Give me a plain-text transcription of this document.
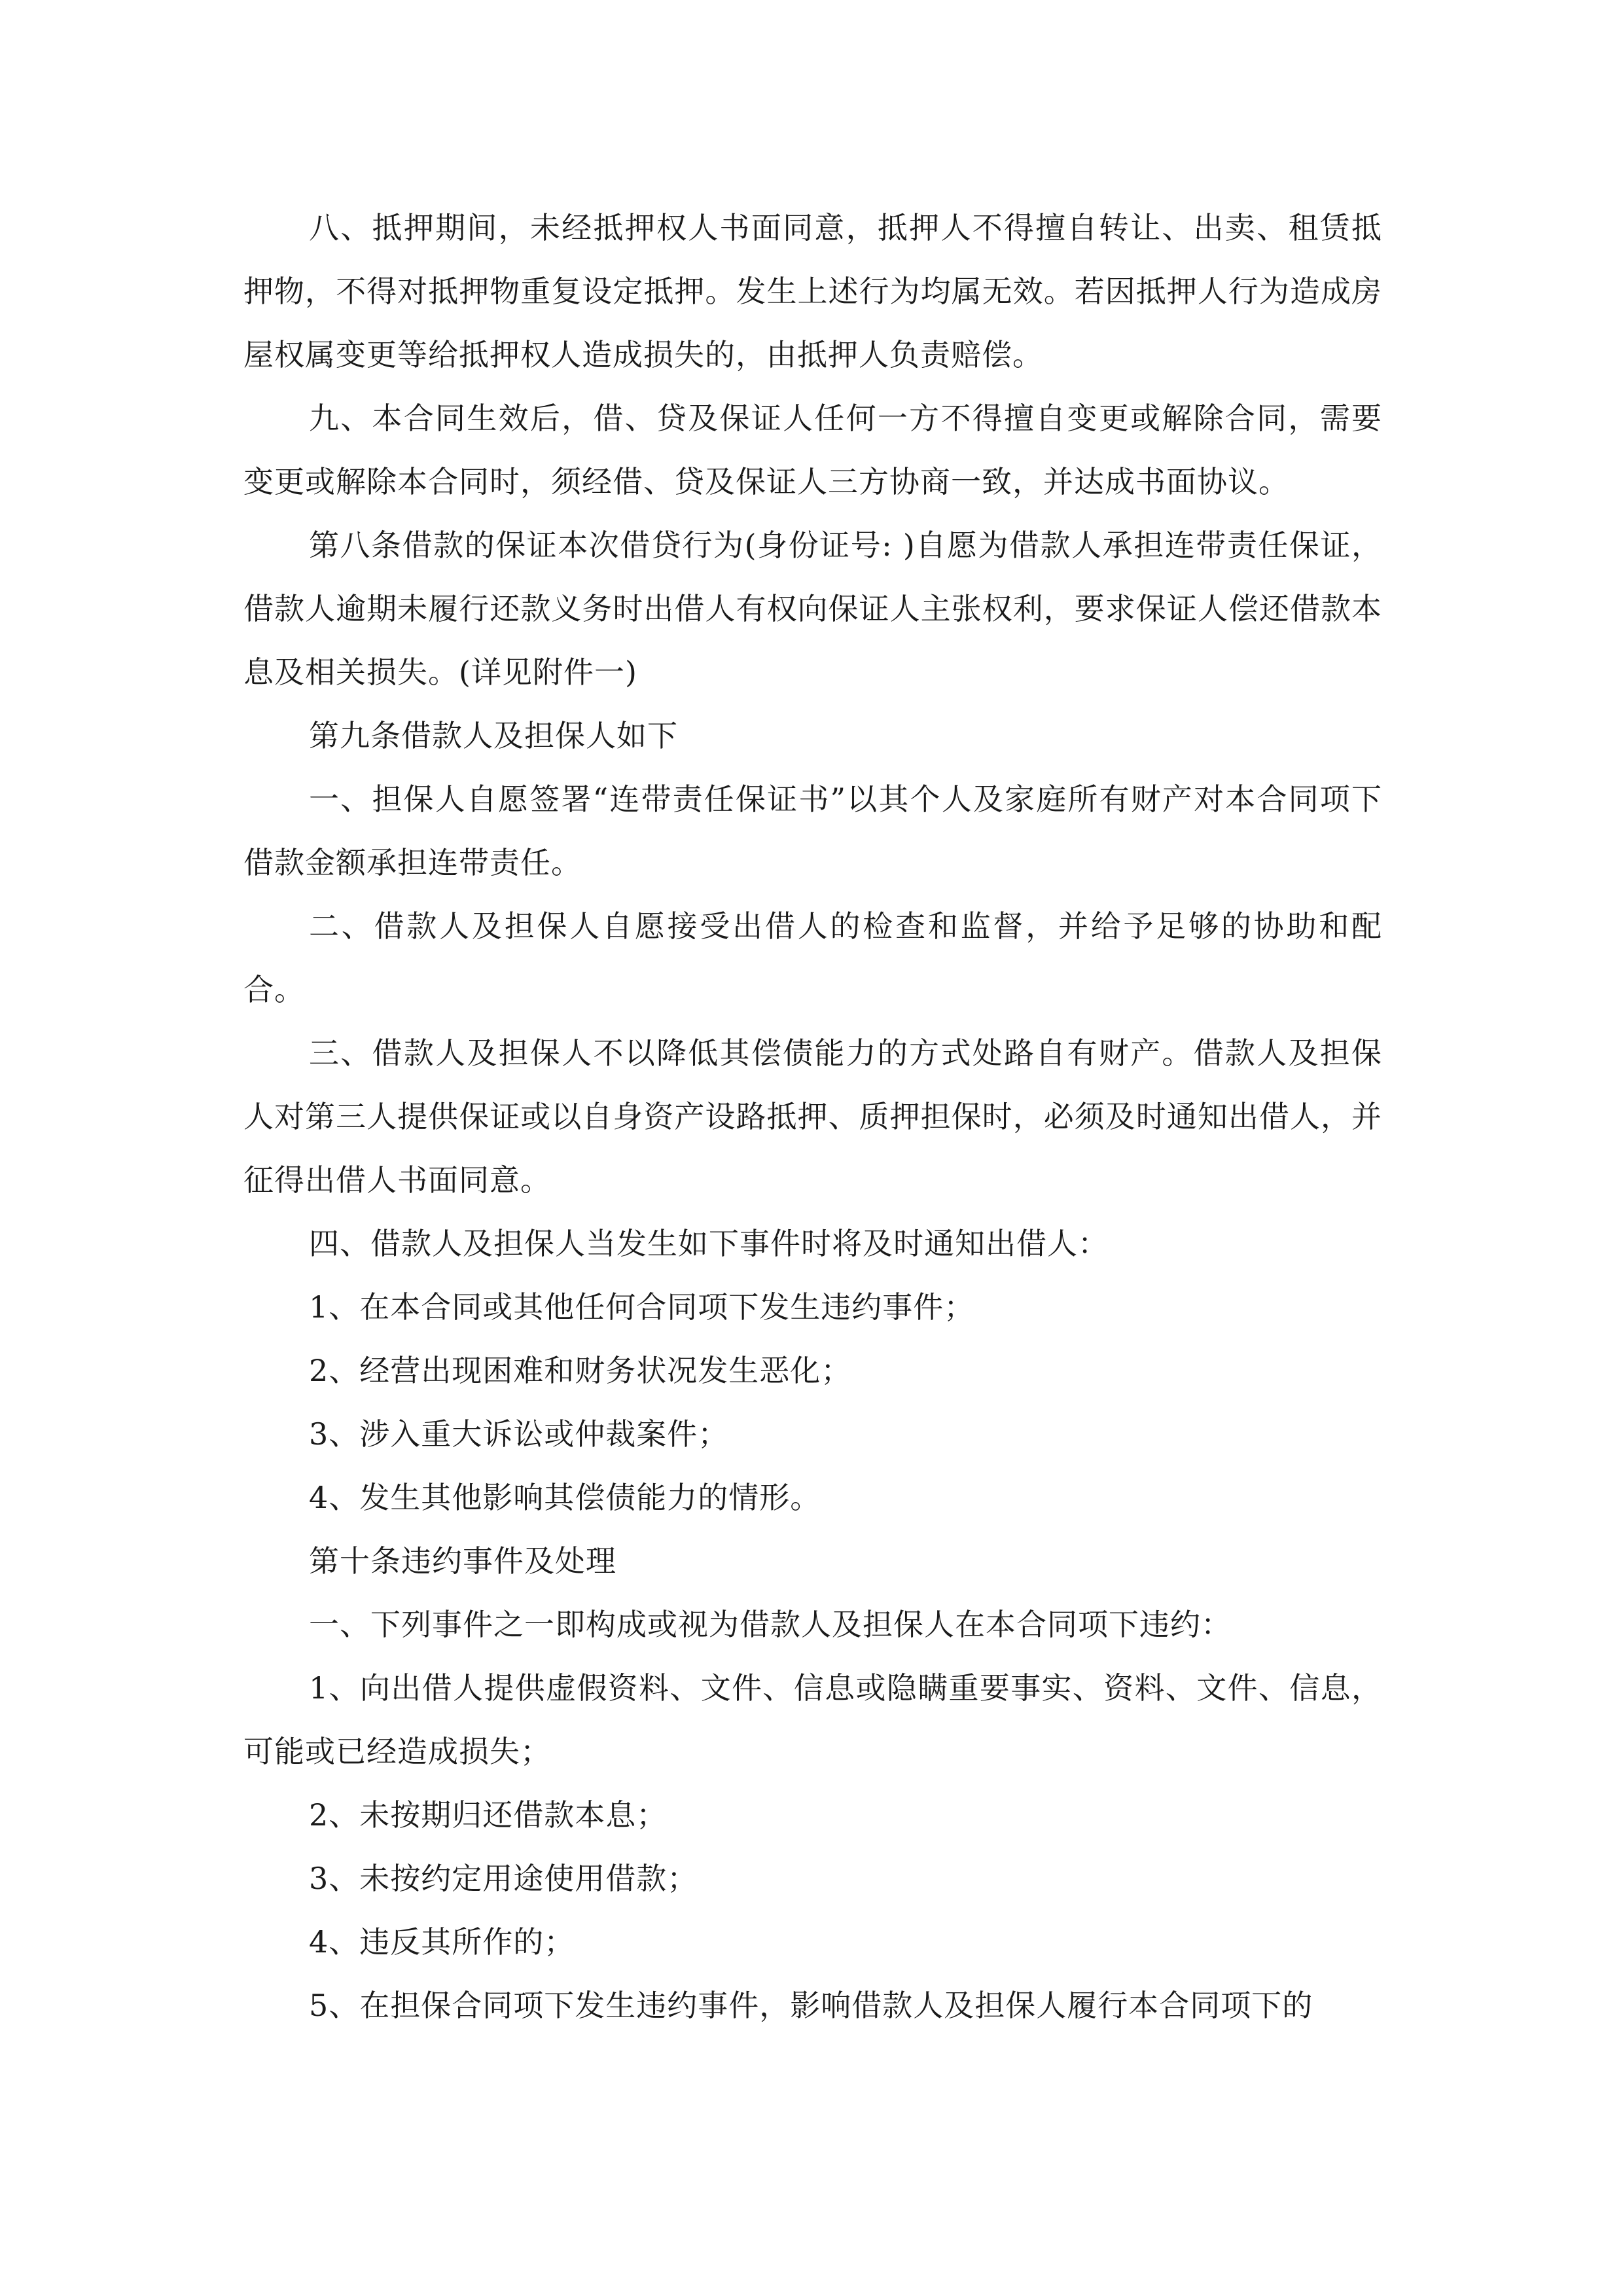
八、抵押期间，未经抵押权人书面同意，抵押人不得擅自转让、出卖、租赁抵押物，不得对抵押物重复设定抵押。发生上述行为均属无效。若因抵押人行为造成房屋权属变更等给抵押权人造成损失的，由抵押人负责赔偿。

九、本合同生效后，借、贷及保证人任何一方不得擅自变更或解除合同，需要变更或解除本合同时，须经借、贷及保证人三方协商一致，并达成书面协议。

第八条借款的保证本次借贷行为(身份证号: )自愿为借款人承担连带责任保证，借款人逾期未履行还款义务时出借人有权向保证人主张权利，要求保证人偿还借款本息及相关损失。(详见附件一)

第九条借款人及担保人如下

一、担保人自愿签署“连带责任保证书”以其个人及家庭所有财产对本合同项下借款金额承担连带责任。

二、借款人及担保人自愿接受出借人的检查和监督，并给予足够的协助和配合。

三、借款人及担保人不以降低其偿债能力的方式处路自有财产。借款人及担保人对第三人提供保证或以自身资产设路抵押、质押担保时，必须及时通知出借人，并征得出借人书面同意。

四、借款人及担保人当发生如下事件时将及时通知出借人：

1、在本合同或其他任何合同项下发生违约事件；

2、经营出现困难和财务状况发生恶化；

3、涉入重大诉讼或仲裁案件；

4、发生其他影响其偿债能力的情形。

第十条违约事件及处理

一、下列事件之一即构成或视为借款人及担保人在本合同项下违约：

1、向出借人提供虚假资料、文件、信息或隐瞒重要事实、资料、文件、信息，可能或已经造成损失；

2、未按期归还借款本息；

3、未按约定用途使用借款；

4、违反其所作的；

5、在担保合同项下发生违约事件，影响借款人及担保人履行本合同项下的
